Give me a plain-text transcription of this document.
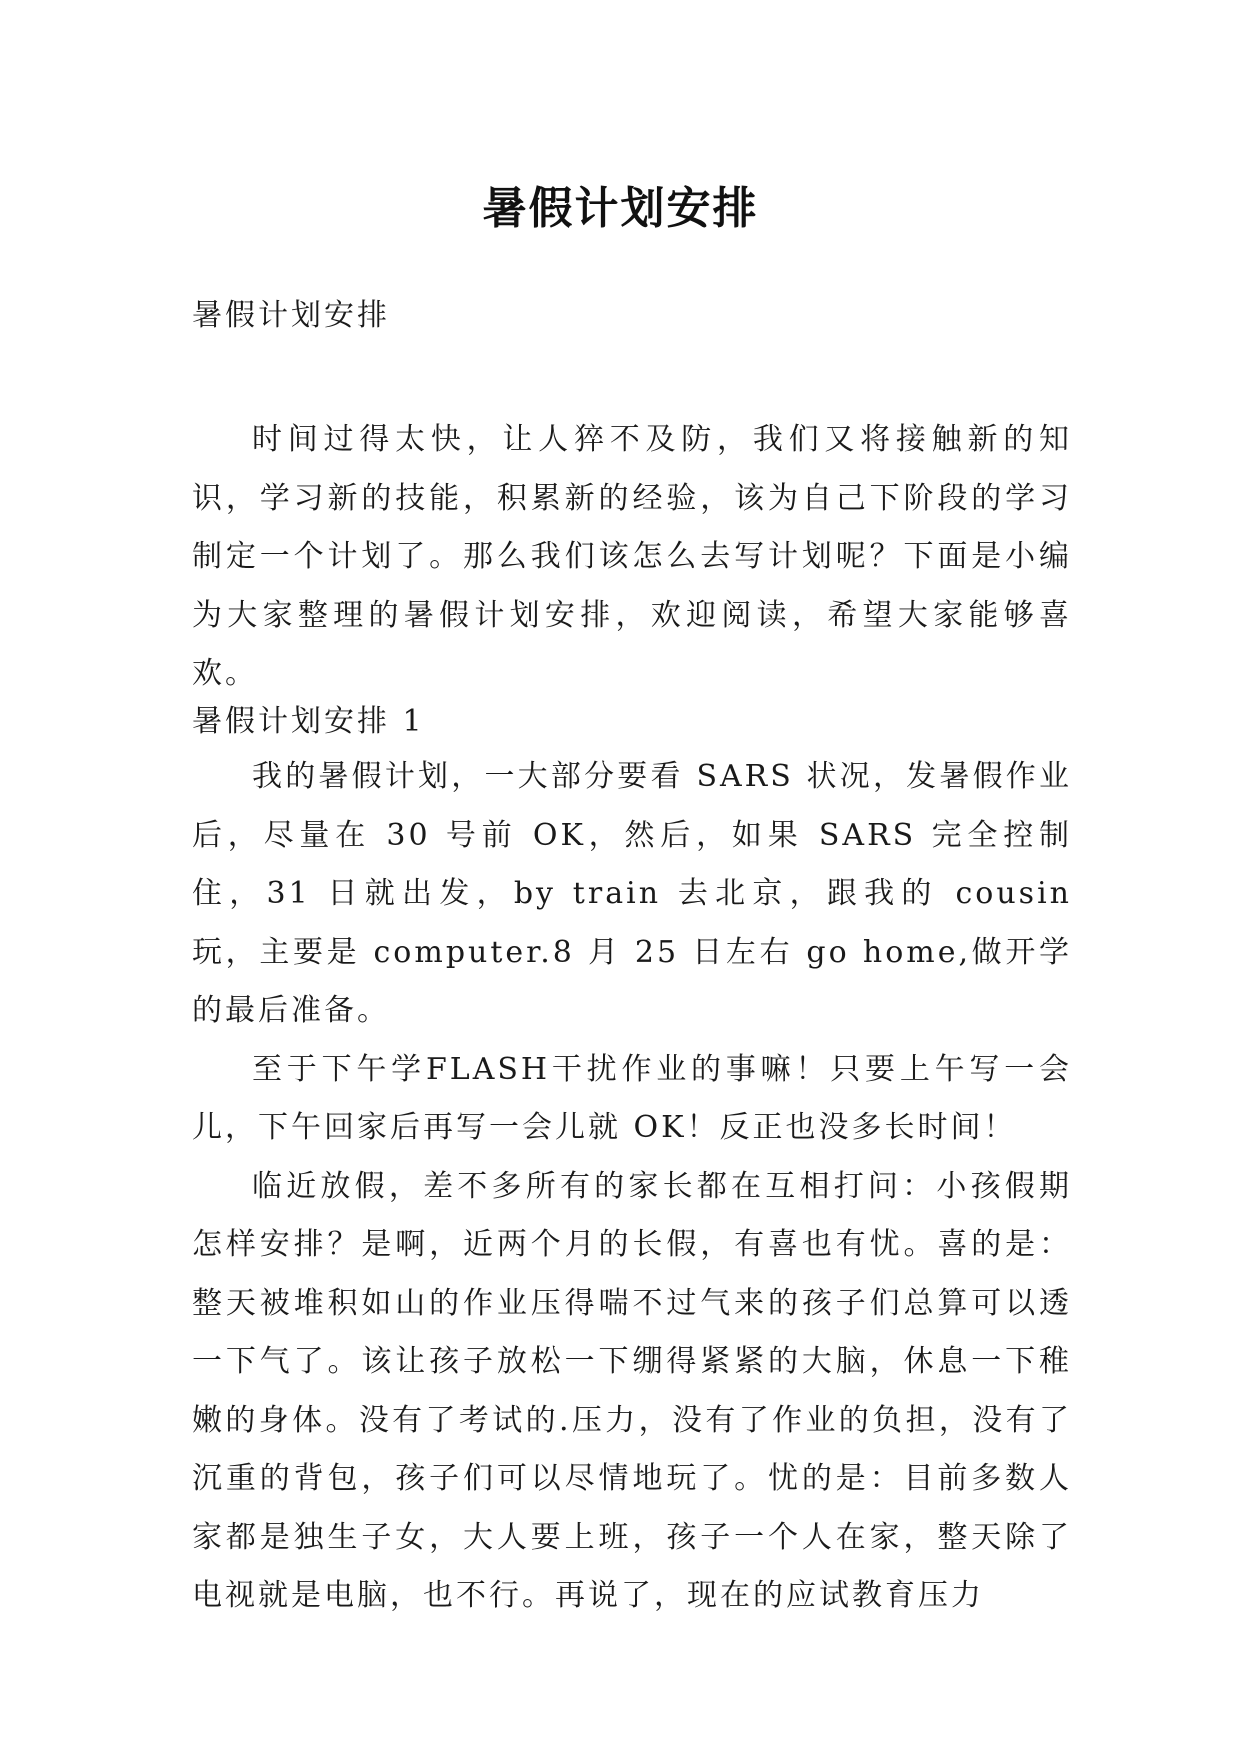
暑假计划安排
暑假计划安排

时间过得太快，让人猝不及防，我们又将接触新的知识，学习新的技能，积累新的经验，该为自己下阶段的学习制定一个计划了。那么我们该怎么去写计划呢？下面是小编为大家整理的暑假计划安排，欢迎阅读，希望大家能够喜欢。

暑假计划安排 1

我的暑假计划，一大部分要看 SARS 状况，发暑假作业后，尽量在 30 号前 OK，然后，如果 SARS 完全控制住，31 日就出发，by train 去北京，跟我的 cousin 玩，主要是 computer.8 月 25 日左右 go home,做开学的最后准备。

至于下午学FLASH干扰作业的事嘛！只要上午写一会儿，下午回家后再写一会儿就 OK！反正也没多长时间！

临近放假，差不多所有的家长都在互相打问：小孩假期怎样安排？是啊，近两个月的长假，有喜也有忧。喜的是：整天被堆积如山的作业压得喘不过气来的孩子们总算可以透一下气了。该让孩子放松一下绷得紧紧的大脑，休息一下稚嫩的身体。没有了考试的.压力，没有了作业的负担，没有了沉重的背包，孩子们可以尽情地玩了。忧的是：目前多数人家都是独生子女，大人要上班，孩子一个人在家，整天除了电视就是电脑，也不行。再说了，现在的应试教育压力
